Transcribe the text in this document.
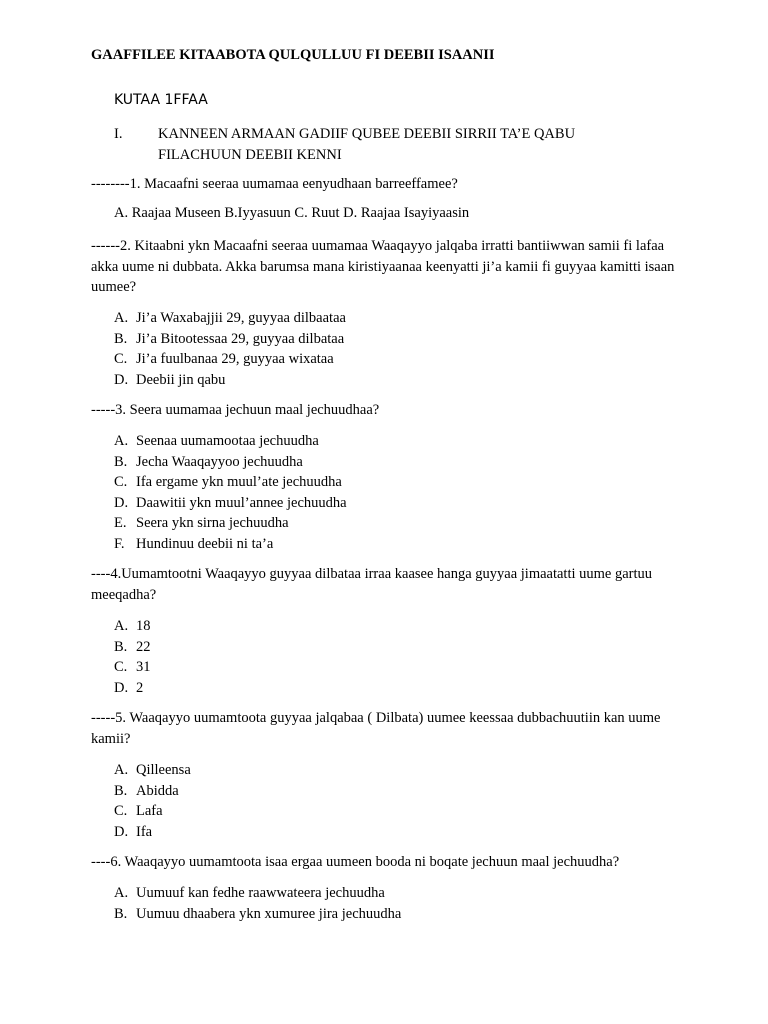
GAAFFILEE KITAABOTA QULQULLUU FI DEEBII ISAANII
KUTAA 1FFAA
I. KANNEEN ARMAAN GADIIF QUBEE DEEBII SIRRII TA’E QABU FILACHUUN DEEBII KENNI
--------1. Macaafni seeraa uumamaa eenyudhaan barreeffamee?
A. Raajaa Museen B.Iyyasuun C. Ruut D. Raajaa Isayiyaasin
------2. Kitaabni ykn Macaafni seeraa uumamaa Waaqayyo jalqaba irratti bantiiwwan samii fi lafaa akka uume ni dubbata. Akka barumsa mana kiristiyaanaa keenyatti ji’a kamii fi guyyaa kamitti isaan uumee?
A. Ji’a Waxabajjii 29, guyyaa dilbaataa
B. Ji’a Bitootessaa 29, guyyaa dilbataa
C. Ji’a fuulbanaa 29, guyyaa wixataa
D. Deebii jin qabu
-----3. Seera uumamaa jechuun maal jechuudhaa?
A. Seenaa uumamootaa jechuudha
B. Jecha Waaqayyoo jechuudha
C. Ifa ergame ykn muul’ate jechuudha
D. Daawitii ykn muul’annee jechuudha
E. Seera ykn sirna jechuudha
F. Hundinuu deebii ni ta’a
----4.Uumamtootni Waaqayyo guyyaa dilbataa irraa kaasee hanga guyyaa jimaatatti uume gartuu meeqadha?
A. 18
B. 22
C. 31
D. 2
-----5. Waaqayyo uumamtoota guyyaa jalqabaa ( Dilbata) uumee keessaa dubbachuutiin kan uume kamii?
A. Qilleensa
B. Abidda
C. Lafa
D. Ifa
----6. Waaqayyo uumamtoota isaa ergaa uumeen booda ni boqate jechuun maal jechuudha?
A. Uumuuf kan fedhe raawwateera jechuudha
B. Uumuu dhaabera ykn xumuree jira jechuudha
